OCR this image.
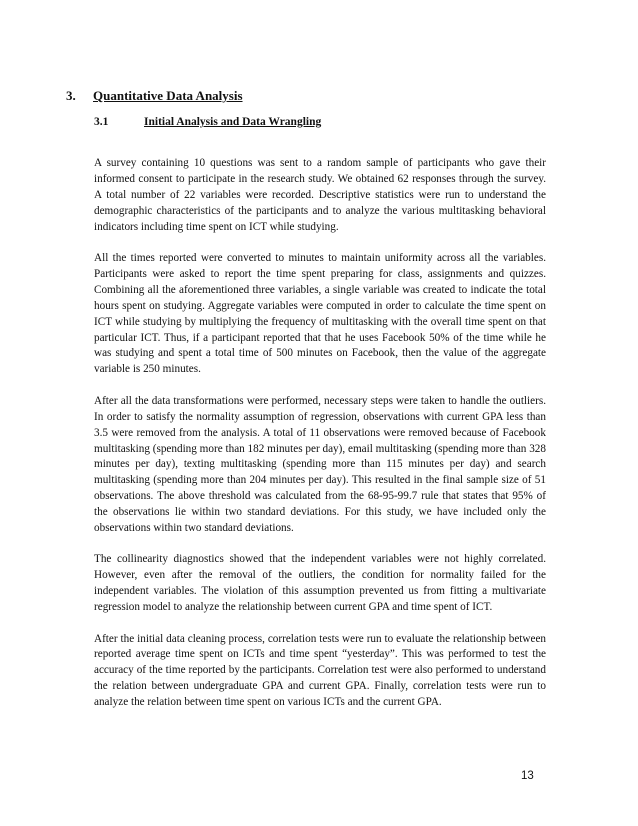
3. Quantitative Data Analysis
3.1	Initial Analysis and Data Wrangling

A survey containing 10 questions was sent to a random sample of participants who gave their informed consent to participate in the research study. We obtained 62 responses through the survey. A total number of 22 variables were recorded. Descriptive statistics were run to understand the demographic characteristics of the participants and to analyze the various multitasking behavioral indicators including time spent on ICT while studying.

All the times reported were converted to minutes to maintain uniformity across all the variables. Participants were asked to report the time spent preparing for class, assignments and quizzes. Combining all the aforementioned three variables, a single variable was created to indicate the total hours spent on studying. Aggregate variables were computed in order to calculate the time spent on ICT while studying by multiplying the frequency of multitasking with the overall time spent on that particular ICT. Thus, if a participant reported that that he uses Facebook 50% of the time while he was studying and spent a total time of 500 minutes on Facebook, then the value of the aggregate variable is 250 minutes.

After all the data transformations were performed, necessary steps were taken to handle the outliers. In order to satisfy the normality assumption of regression, observations with current GPA less than 3.5 were removed from the analysis. A total of 11 observations were removed because of Facebook multitasking (spending more than 182 minutes per day), email multitasking (spending more than 328 minutes per day), texting multitasking (spending more than 115 minutes per day) and search multitasking (spending more than 204 minutes per day). This resulted in the final sample size of 51 observations. The above threshold was calculated from the 68-95-99.7 rule that states that 95% of the observations lie within two standard deviations. For this study, we have included only the observations within two standard deviations.

The collinearity diagnostics showed that the independent variables were not highly correlated. However, even after the removal of the outliers, the condition for normality failed for the independent variables. The violation of this assumption prevented us from fitting a multivariate regression model to analyze the relationship between current GPA and time spent of ICT.

After the initial data cleaning process, correlation tests were run to evaluate the relationship between reported average time spent on ICTs and time spent “yesterday”. This was performed to test the accuracy of the time reported by the participants. Correlation test were also performed to understand the relation between undergraduate GPA and current GPA. Finally, correlation tests were run to analyze the relation between time spent on various ICTs and the current GPA.

13
